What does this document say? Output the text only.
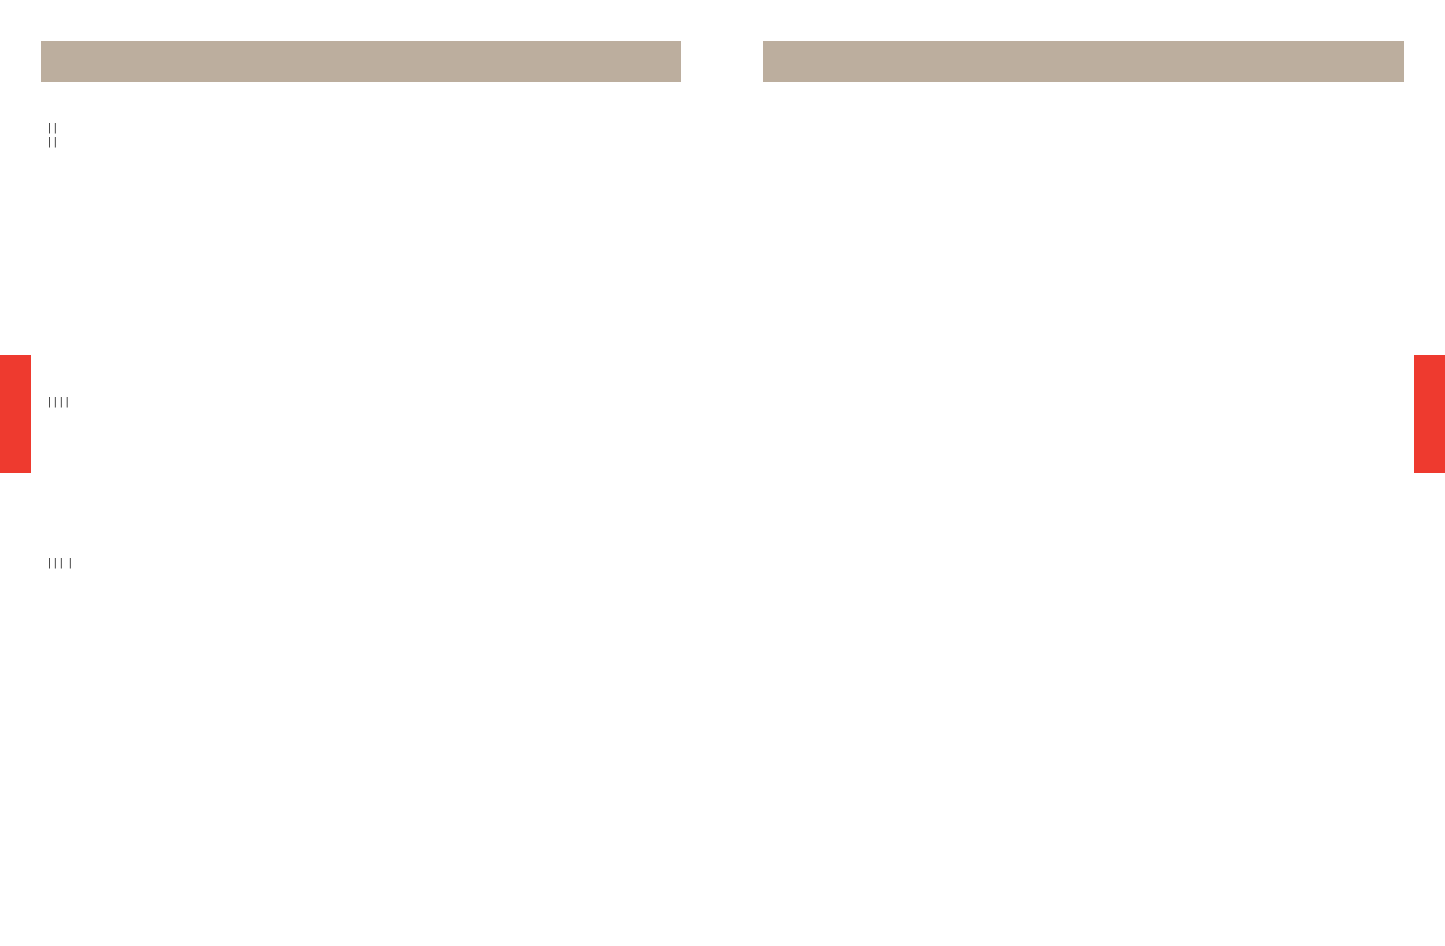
| |
| |
| | | |
| | |  |
